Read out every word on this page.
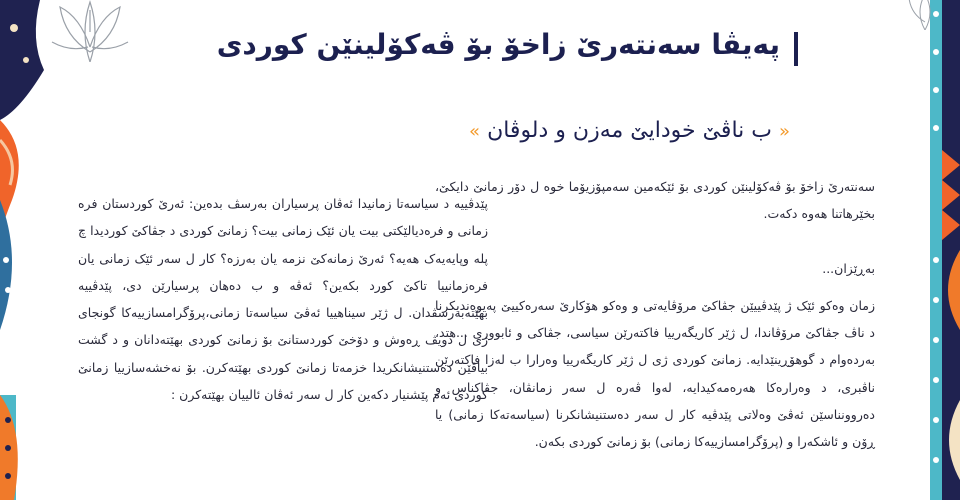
پەیڤا سەنتەرێ زاخۆ بۆ ڤەکۆلینێن کوردی
« ب ناڤێ خودایێ مەزن و دلوڤان »

سەنتەرێ زاخۆ بۆ ڤەکۆلینێن کوردی بۆ ئێکەمین سەمپۆزیۆما خوە ل دۆر زمانێ دایکێ، بخێرهاتنا هەوە دکەت.

بەڕێزان...

زمان وەکو ئێک ژ پێدڤییێن جڤاکێ مرۆڤایەتی و وەکو هۆکارێ سەرەکییێ پەیوەندیکرنا د ناڤ جڤاکێ مرۆڤاندا، ل ژێر کاریگەرییا فاکتەرێن سیاسی، جڤاکی و ئابووری ...هتد، بەردەوام د گوهۆڕینێدایە. زمانێ کوردی ژی ل ژێر کاریگەرییا وەرارا ب لەزا فاکتەرێن ناڤبری، د وەرارەکا هەرەمەکیدایە، لەوا ڤەره ل سەر زمانڤان، جڤاکناس و دەروونناسێن ئەڤێ وەلاتی پێدڤیە کار ل سەر دەستنیشانکرنا (سیاسەتەکا زمانی) یا ڕۆن و ئاشکەرا و (پرۆگرامسازییەکا زمانی) بۆ زمانێ کوردی بکەن.

پێدڤییە د سیاسەتا زمانیدا ئەڤان پرسیاران بەرسڤ بدەین: ئەرێ کوردستان فرە زمانی و فرەدیالێکتی بیت یان ئێک زمانی بیت؟ زمانێ کوردی د جڤاکێ کوردیدا چ پلە وپایەیەک هەیە؟ ئەرێ زمانەکێ نزمە یان بەرزە؟ کار ل سەر ئێک زمانی یان فرەزمانییا تاکێ کورد بکەین؟ ئەڤە و ب دەهان پرسیارێن دی، پێدڤییە بهێتەبەرسڤدان. ل ژێر سیناهییا ئەڤێ سیاسەتا زمانی،پرۆگرامسازییەکا گونجای ژی ل دویڤ ڕەوش و دۆخێ کوردستانێ بۆ زمانێ کوردی بهێتەدانان و د گشت بیاڤێن دەستنیشانکریدا خزمەتا زمانێ کوردی بهێتەکرن. بۆ نەخشەسازییا زمانێ کوردی ئەم پێشنیار دکەین کار ل سەر ئەڤان ئالییان بهێتەکرن :
